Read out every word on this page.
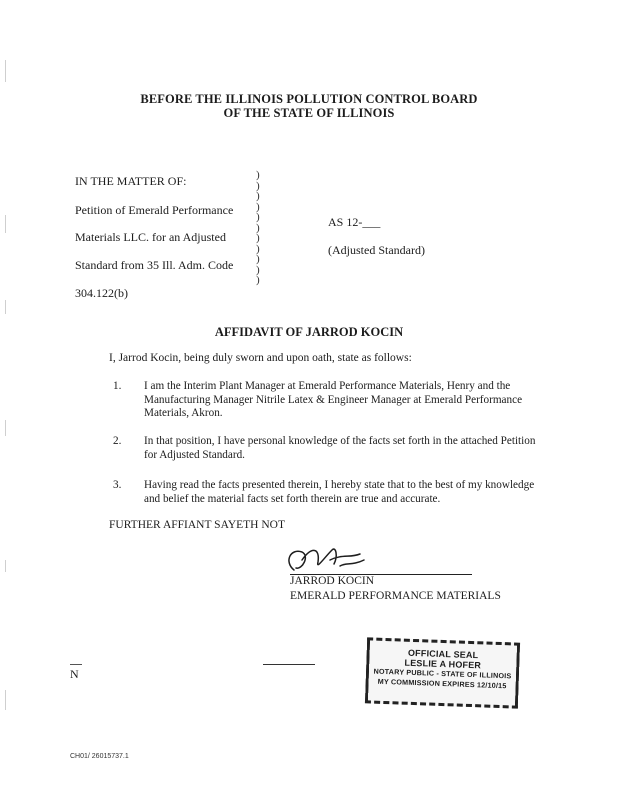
BEFORE THE ILLINOIS POLLUTION CONTROL BOARD
OF THE STATE OF ILLINOIS
IN THE MATTER OF:
Petition of Emerald Performance
Materials LLC. for an Adjusted
Standard from 35 Ill. Adm. Code
304.122(b)
)
)
)
)
)
)
)
)
)
)
)
AS 12-___
(Adjusted Standard)
AFFIDAVIT OF JARROD KOCIN
I, Jarrod Kocin, being duly sworn and upon oath, state as follows:
1. I am the Interim Plant Manager at Emerald Performance Materials, Henry and the Manufacturing Manager Nitrile Latex & Engineer Manager at Emerald Performance Materials, Akron.
2. In that position, I have personal knowledge of the facts set forth in the attached Petition for Adjusted Standard.
3. Having read the facts presented therein, I hereby state that to the best of my knowledge and belief the material facts set forth therein are true and accurate.
FURTHER AFFIANT SAYETH NOT
JARROD KOCIN
EMERALD PERFORMANCE MATERIALS
N
OFFICIAL SEAL
LESLIE A HOFER
NOTARY PUBLIC - STATE OF ILLINOIS
MY COMMISSION EXPIRES 12/10/15
CH01/ 26015737.1
